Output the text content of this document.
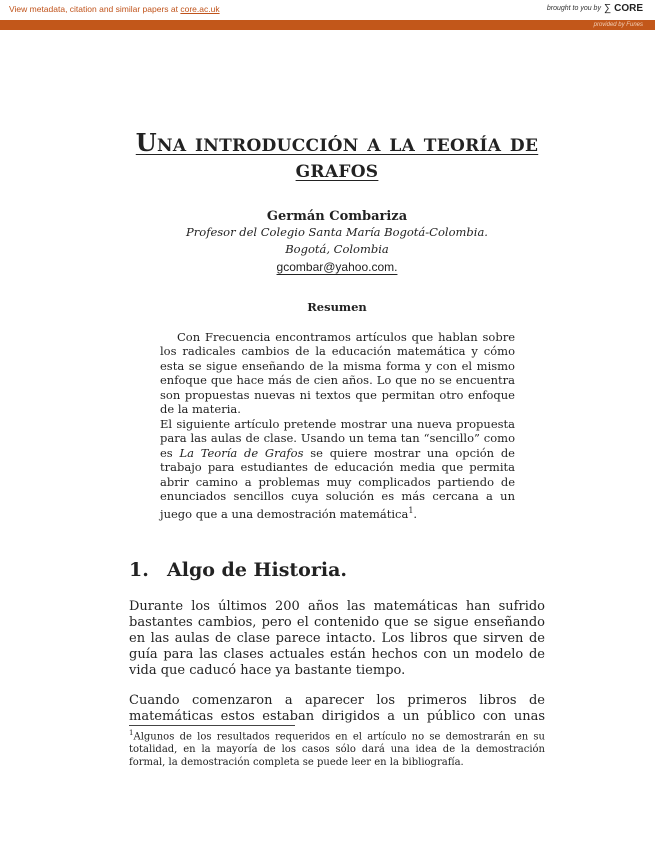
View metadata, citation and similar papers at core.ac.uk	brought to you by ∑ CORE
provided by Funes
Una introducción a la teoría de grafos
Germán Combariza
Profesor del Colegio Santa María Bogotá-Colombia.
Bogotá, Colombia
gcombar@yahoo.com.
Resumen

Con Frecuencia encontramos artículos que hablan sobre los radicales cambios de la educación matemática y cómo esta se sigue enseñando de la misma forma y con el mismo enfoque que hace más de cien años. Lo que no se encuentra son propuestas nuevas ni textos que permitan otro enfoque de la materia.

El siguiente artículo pretende mostrar una nueva propuesta para las aulas de clase. Usando un tema tan “sencillo” como es La Teoría de Grafos se quiere mostrar una opción de trabajo para estudiantes de educación media que permita abrir camino a problemas muy complicados partiendo de enunciados sencillos cuya solución es más cercana a un juego que a una demostración matemática$^1$.

1. Algo de Historia.

Durante los últimos 200 años las matemáticas han sufrido bastantes cambios, pero el contenido que se sigue enseñando en las aulas de clase parece intacto. Los libros que sirven de guía para las clases actuales están hechos con un modelo de vida que caducó hace ya bastante tiempo.

Cuando comenzaron a aparecer los primeros libros de matemáticas estos estaban dirigidos a un público con unas

$^1$Algunos de los resultados requeridos en el artículo no se demostrarán en su totalidad, en la mayoría de los casos sólo dará una idea de la demostración formal, la demostración completa se puede leer en la bibliografía.
